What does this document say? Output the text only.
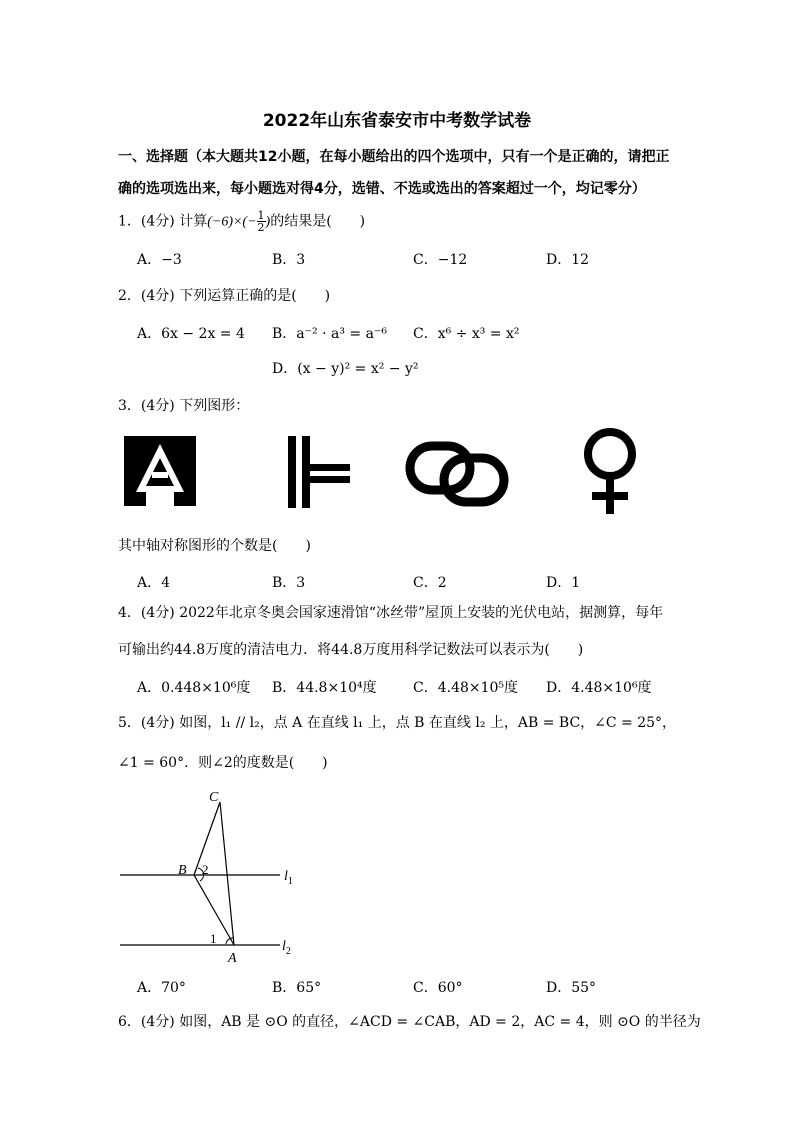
2022年山东省泰安市中考数学试卷
一、选择题（本大题共12小题，在每小题给出的四个选项中，只有一个是正确的，请把正
确的选项选出来，每小题选对得4分，选错、不选或选出的答案超过一个，均记零分）
1．(4分) 计算$(-6)\times(- \frac{1}{2}$ )的结果是(　　)
A．−3	B．3	C．−12	D．12
2．(4分) 下列运算正确的是(　　)
A．6x − 2x = 4 B．a⁻² · a³ = a⁻⁶ C．x⁶ ÷ x³ = x²
D．(x − y)² = x² − y²
3．(4分) 下列图形：
其中轴对称图形的个数是(　　)
A．4	B．3	C．2	D．1
4．(4分) 2022年北京冬奥会国家速滑馆“冰丝带”屋顶上安装的光伏电站，据测算，每年
可输出约44.8万度的清洁电力．将44.8万度用科学记数法可以表示为(　　)
A．0.448×10⁶度 B．44.8×10⁴度	C．4.48×10⁵度 D．4.48×10⁶度
5．(4分) 如图，l₁ // l₂，点 A 在直线 l₁ 上，点 B 在直线 l₂ 上，AB = BC，∠C = 25°，
∠1 = 60°．则∠2的度数是(　　)
C
B 2
1
A
$l_1$
$l_2$
A．70°	B．65°	C．60°	D．55°
6．(4分) 如图，AB 是 ⊙O 的直径，∠ACD = ∠CAB，AD = 2，AC = 4，则 ⊙O 的半径为
